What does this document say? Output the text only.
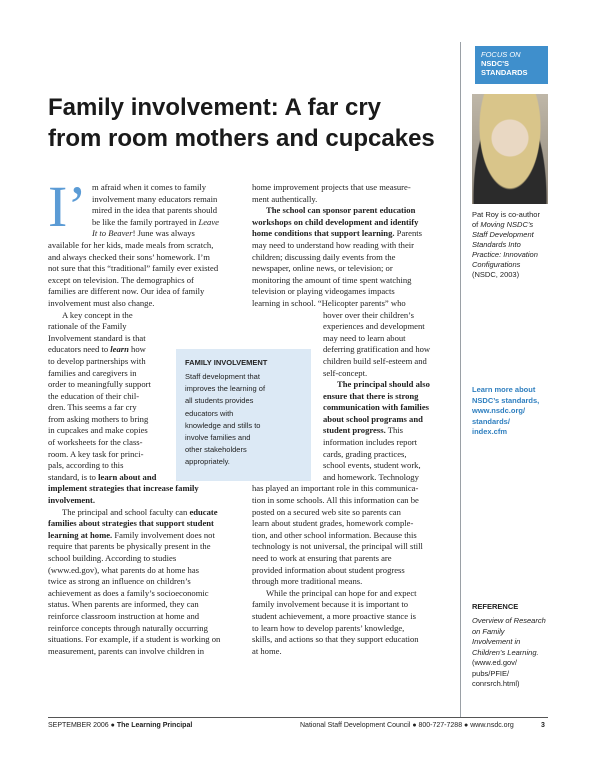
FOCUS ON
NSDC'S
STANDARDS
Family involvement: A far cry
from room mothers and cupcakes
Pat Roy is co-author
of Moving NSDC’s
Staff Development
Standards Into
Practice: Innovation
Configurations
(NSDC, 2003)
Learn more about
NSDC’s standards,
www.nsdc.org/
standards/
index.cfm
REFERENCE
Overview of Research
on Family
Involvement in
Children’s Learning.
(www.ed.gov/
pubs/PFIE/
conrsrch.html)
I’ m afraid when it comes to family
involvement many educators remain
mired in the idea that parents should
be like the family portrayed in Leave
It to Beaver! June was always
available for her kids, made meals from scratch,
and always checked their sons’ homework. I’m
not sure that this “traditional” family ever existed
except on television. The demographics of
families are different now. Our idea of family
involvement must also change.
A key concept in the
rationale of the Family
Involvement standard is that
educators need to learn how
to develop partnerships with
families and caregivers in
order to meaningfully support
the education of their chil-
dren. This seems a far cry
from asking mothers to bring
in cupcakes and make copies
of worksheets for the class-
room. A key task for princi-
pals, according to this
standard, is to learn about and
implement strategies that increase family
involvement.
The principal and school faculty can educate
families about strategies that support student
learning at home. Family involvement does not
require that parents be physically present in the
school building. According to studies
(www.ed.gov), what parents do at home has
twice as strong an influence on children’s
achievement as does a family’s socioeconomic
status. When parents are informed, they can
reinforce classroom instruction at home and
reinforce concepts through naturally occurring
situations. For example, if a student is working on
measurement, parents can involve children in
home improvement projects that use measure-
ment authentically.
The school can sponsor parent education
workshops on child development and identify
home conditions that support learning. Parents
may need to understand how reading with their
children; discussing daily events from the
newspaper, online news, or television; or
monitoring the amount of time spent watching
television or playing videogames impacts
learning in school. “Helicopter parents” who
hover over their children’s
experiences and development
may need to learn about
deferring gratification and how
children build self-esteem and
self-concept.
The principal should also
ensure that there is strong
communication with families
about school programs and
student progress. This
information includes report
cards, grading practices,
school events, student work,
and homework. Technology
has played an important role in this communica-
tion in some schools. All this information can be
posted on a secured web site so parents can
learn about student grades, homework comple-
tion, and other school information. Because this
technology is not universal, the principal will still
need to work at ensuring that parents are
provided information about student progress
through more traditional means.
While the principal can hope for and expect
family involvement because it is important to
student achievement, a more proactive stance is
to learn how to develop parents’ knowledge,
skills, and actions so that they support education
at home.
FAMILY INVOLVEMENT
Staff development that
improves the learning of
all students provides
educators with
knowledge and stills to
involve families and
other stakeholders
appropriately.
SEPTEMBER 2006 ● The Learning Principal	National Staff Development Council ● 800-727-7288 ● www.nsdc.org	3
